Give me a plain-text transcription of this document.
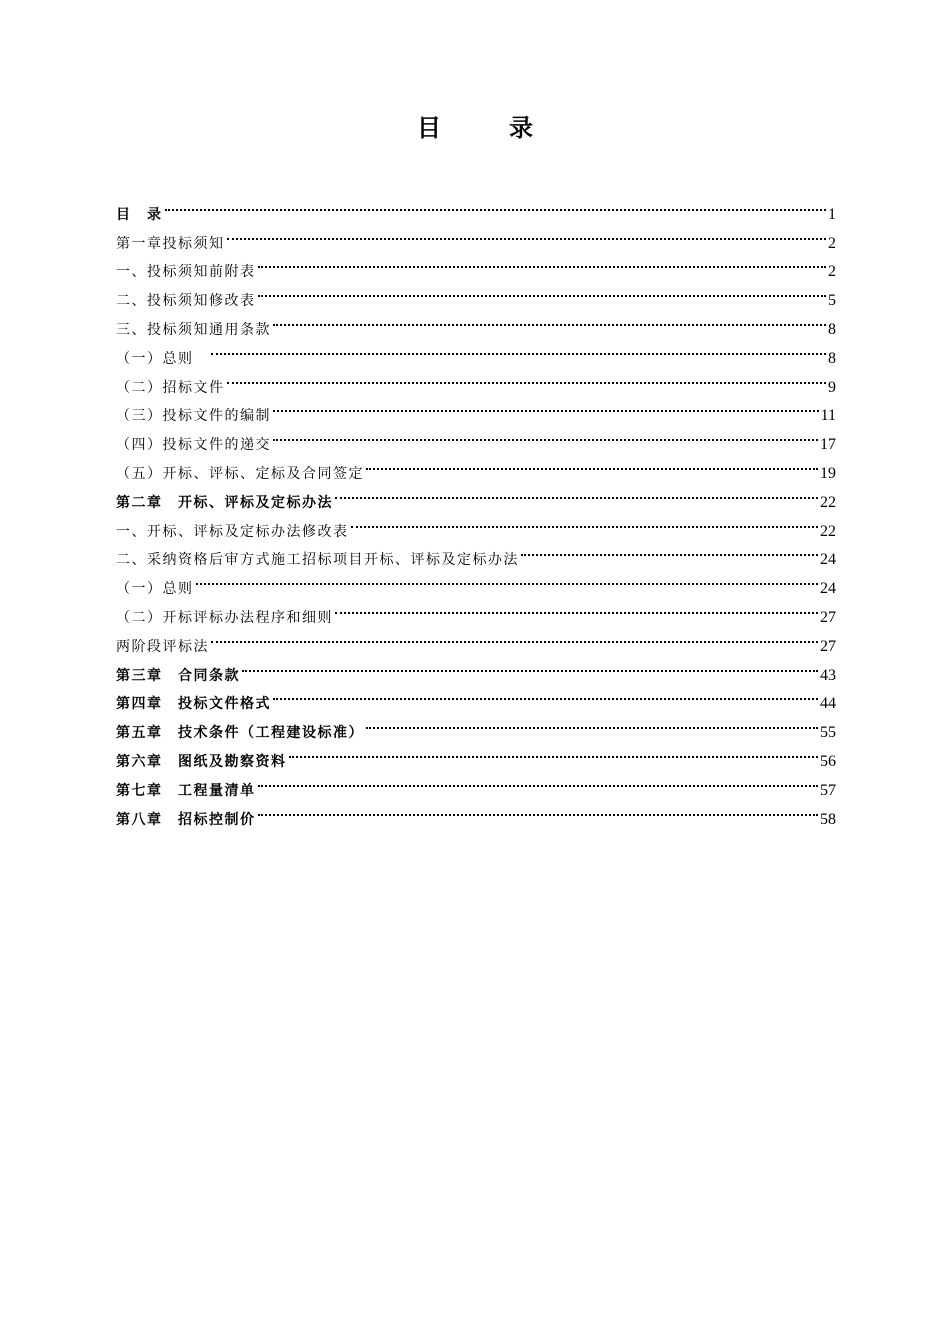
目　录
目　录	1
第一章投标须知	2
一、投标须知前附表	2
二、投标须知修改表	5
三、投标须知通用条款	8
（一）总则　	8
（二）招标文件	9
（三）投标文件的编制	11
（四）投标文件的递交	17
（五）开标、评标、定标及合同签定	19
第二章　开标、评标及定标办法	22
一、开标、评标及定标办法修改表	22
二、采纳资格后审方式施工招标项目开标、评标及定标办法	24
（一）总则	24
（二）开标评标办法程序和细则	27
两阶段评标法	27
第三章　合同条款	43
第四章　投标文件格式	44
第五章　技术条件（工程建设标准）	55
第六章　图纸及勘察资料	56
第七章　工程量清单	57
第八章　招标控制价	58
